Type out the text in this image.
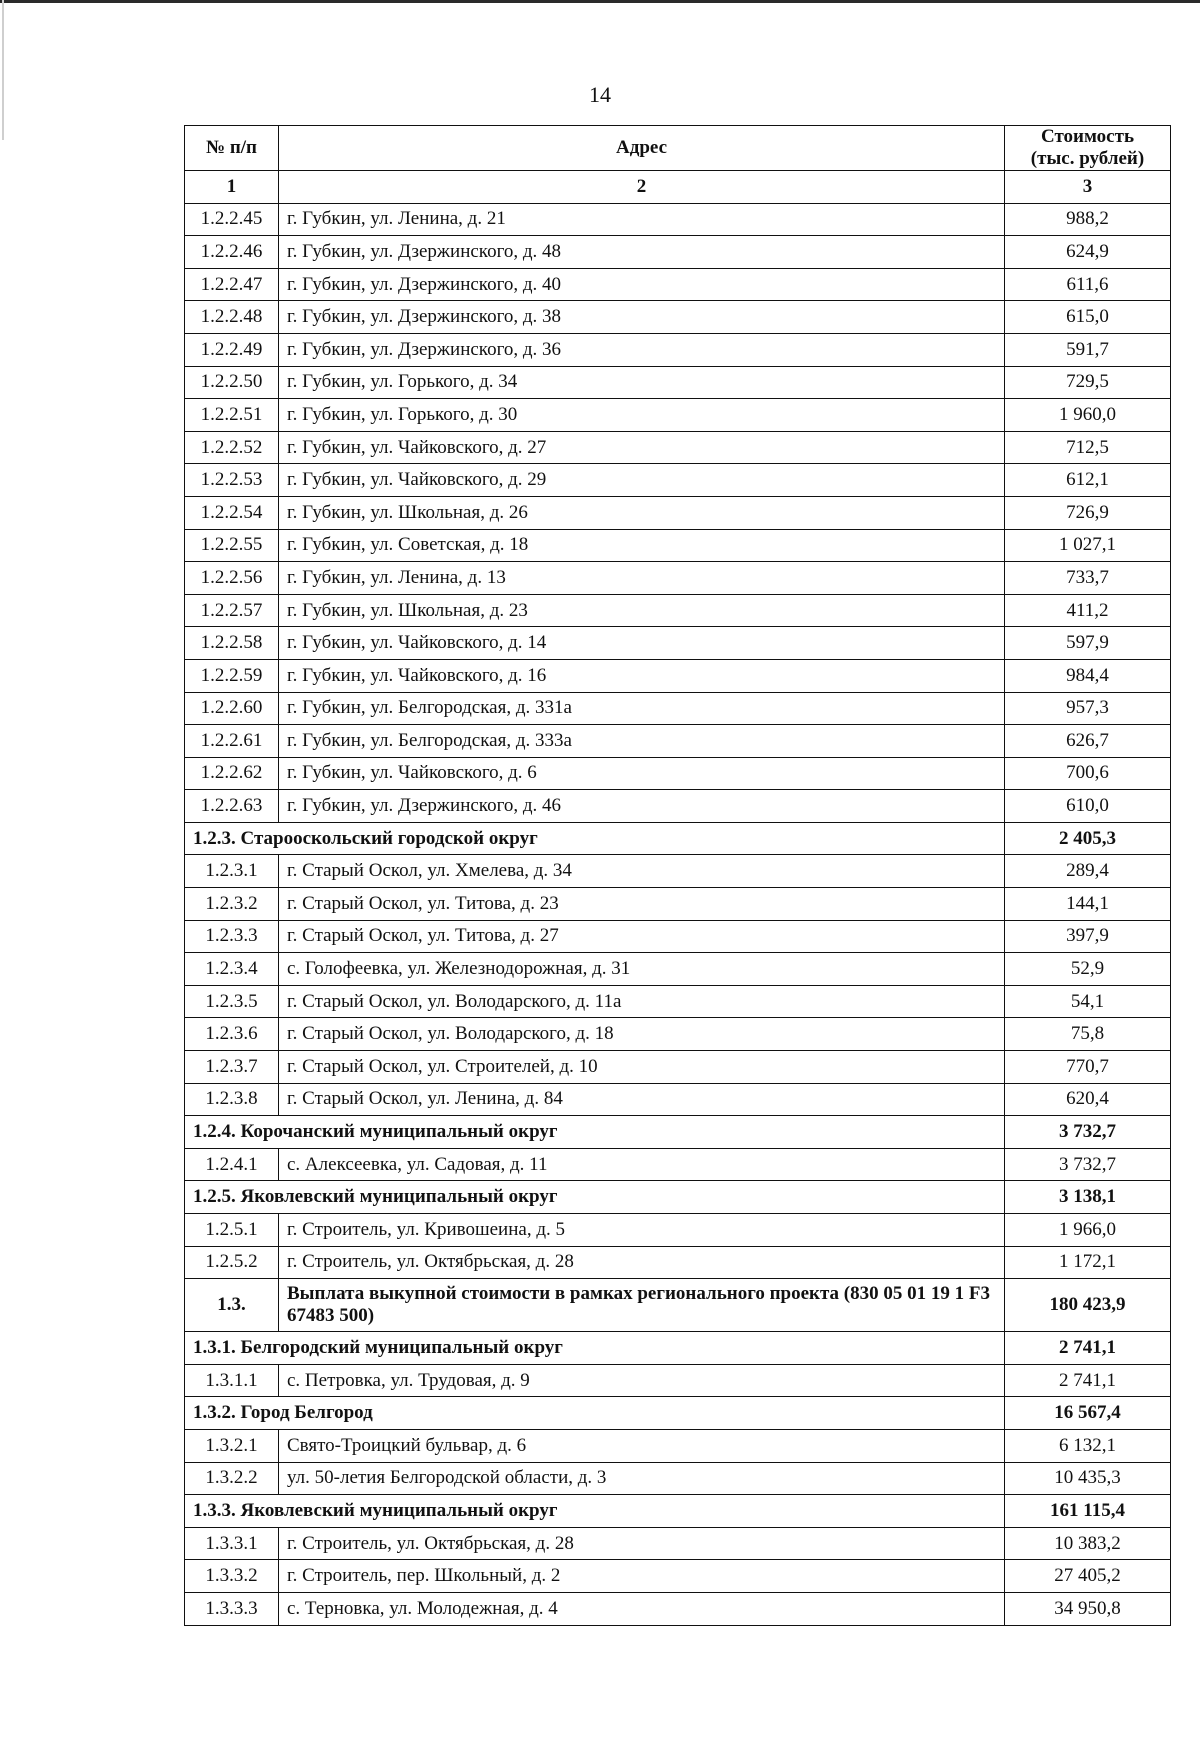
14
№ п/п	Адрес	Стоимость
(тыс. рублей)

1	2	3
1.2.2.45	г. Губкин, ул. Ленина, д. 21	988,2
1.2.2.46	г. Губкин, ул. Дзержинского, д. 48	624,9
1.2.2.47	г. Губкин, ул. Дзержинского, д. 40	611,6
1.2.2.48	г. Губкин, ул. Дзержинского, д. 38	615,0
1.2.2.49	г. Губкин, ул. Дзержинского, д. 36	591,7
1.2.2.50	г. Губкин, ул. Горького, д. 34	729,5
1.2.2.51	г. Губкин, ул. Горького, д. 30	1 960,0
1.2.2.52	г. Губкин, ул. Чайковского, д. 27	712,5
1.2.2.53	г. Губкин, ул. Чайковского, д. 29	612,1
1.2.2.54	г. Губкин, ул. Школьная, д. 26	726,9
1.2.2.55	г. Губкин, ул. Советская, д. 18	1 027,1
1.2.2.56	г. Губкин, ул. Ленина, д. 13	733,7
1.2.2.57	г. Губкин, ул. Школьная, д. 23	411,2
1.2.2.58	г. Губкин, ул. Чайковского, д. 14	597,9
1.2.2.59	г. Губкин, ул. Чайковского, д. 16	984,4
1.2.2.60	г. Губкин, ул. Белгородская, д. 331а	957,3
1.2.2.61	г. Губкин, ул. Белгородская, д. 333а	626,7
1.2.2.62	г. Губкин, ул. Чайковского, д. 6	700,6
1.2.2.63	г. Губкин, ул. Дзержинского, д. 46	610,0
1.2.3. Старооскольский городской округ		2 405,3
1.2.3.1	г. Старый Оскол, ул. Хмелева, д. 34	289,4
1.2.3.2	г. Старый Оскол, ул. Титова, д. 23	144,1
1.2.3.3	г. Старый Оскол, ул. Титова, д. 27	397,9
1.2.3.4	с. Голофеевка, ул. Железнодорожная, д. 31	52,9
1.2.3.5	г. Старый Оскол, ул. Володарского, д. 11а	54,1
1.2.3.6	г. Старый Оскол, ул. Володарского, д. 18	75,8
1.2.3.7	г. Старый Оскол, ул. Строителей, д. 10	770,7
1.2.3.8	г. Старый Оскол, ул. Ленина, д. 84	620,4
1.2.4. Корочанский муниципальный округ		3 732,7
1.2.4.1	с. Алексеевка, ул. Садовая, д. 11	3 732,7
1.2.5. Яковлевский муниципальный округ		3 138,1
1.2.5.1	г. Строитель, ул. Кривошеина, д. 5	1 966,0
1.2.5.2	г. Строитель, ул. Октябрьская, д. 28	1 172,1
1.3.	Выплата выкупной стоимости в рамках регионального проекта (830 05 01 19 1 F3 67483 500)	180 423,9
1.3.1. Белгородский муниципальный округ		2 741,1
1.3.1.1	с. Петровка, ул. Трудовая, д. 9	2 741,1
1.3.2. Город Белгород		16 567,4
1.3.2.1	Свято-Троицкий бульвар, д. 6	6 132,1
1.3.2.2	ул. 50-летия Белгородской области, д. 3	10 435,3
1.3.3. Яковлевский муниципальный округ		161 115,4
1.3.3.1	г. Строитель, ул. Октябрьская, д. 28	10 383,2
1.3.3.2	г. Строитель, пер. Школьный, д. 2	27 405,2
1.3.3.3	с. Терновка, ул. Молодежная, д. 4	34 950,8
